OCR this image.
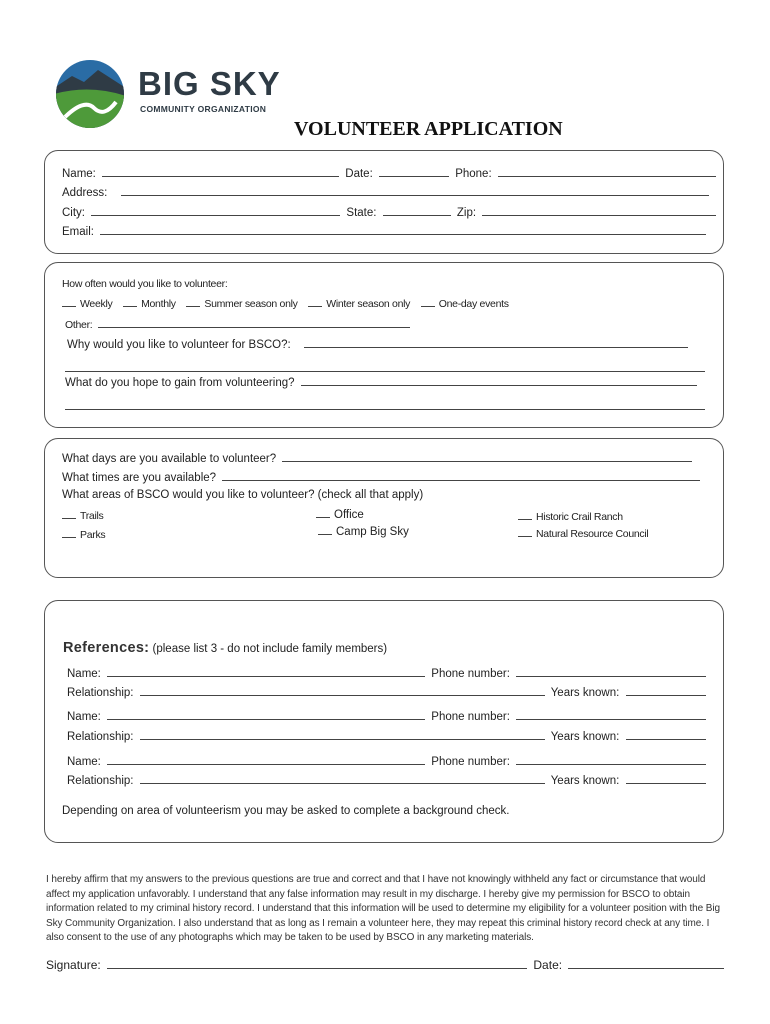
BIG SKY
COMMUNITY ORGANIZATION
VOLUNTEER APPLICATION
Name:	Date:	Phone:
Address:
City:	State:	Zip:
Email:
How often would you like to volunteer:
Weekly	Monthly	Summer season only	Winter season only	One-day events
Other:
Why would you like to volunteer for BSCO?:
What do you hope to gain from volunteering?
What days are you available to volunteer?
What times are you available?
What areas of BSCO would you like to volunteer? (check all that apply)
Trails
Parks
Office
Camp Big Sky
Historic Crail Ranch
Natural Resource Council
References: (please list 3 - do not include family members)
Name:	Phone number:
Relationship:	Years known:
Name:	Phone number:
Relationship:	Years known:
Name:	Phone number:
Relationship:	Years known:
Depending on area of volunteerism you may be asked to complete a background check.

I hereby affirm that my answers to the previous questions are true and correct and that I have not knowingly withheld any fact or circumstance that would affect my application unfavorably. I understand that any false information may result in my discharge. I hereby give my permission for BSCO to obtain information related to my criminal history record. I understand that this information will be used to determine my eligibility for a volunteer position with the Big Sky Community Organization. I also understand that as long as I remain a volunteer here, they may repeat this criminal history record check at any time. I also consent to the use of any photographs which may be taken to be used by BSCO in any marketing materials.

Signature:	Date:
